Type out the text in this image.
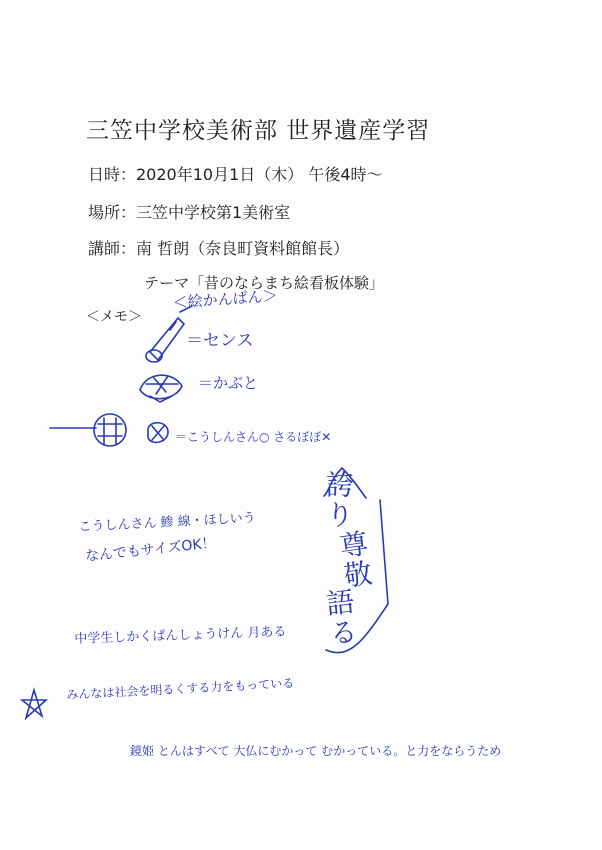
三笠中学校美術部 世界遺産学習
日時：2020年10月1日（木） 午後4時〜
場所：三笠中学校第1美術室
講師：南 哲朗（奈良町資料館館長）
テーマ「昔のならまち絵看板体験」
＜メモ＞
＜絵かんばん＞
＝センス
＝かぶと
＝こうしんさん○ さるぼぼ✕
こうしんさん 鯵 線・ほしいう
なんでもサイズOK！
誇り
尊敬
語る
中学生しかくぱんしょうけん 月ある
みんなは社会を明るくする力をもっている
鏡姫 とんはすべて 大仏にむかって むかっている。と力をならうため
